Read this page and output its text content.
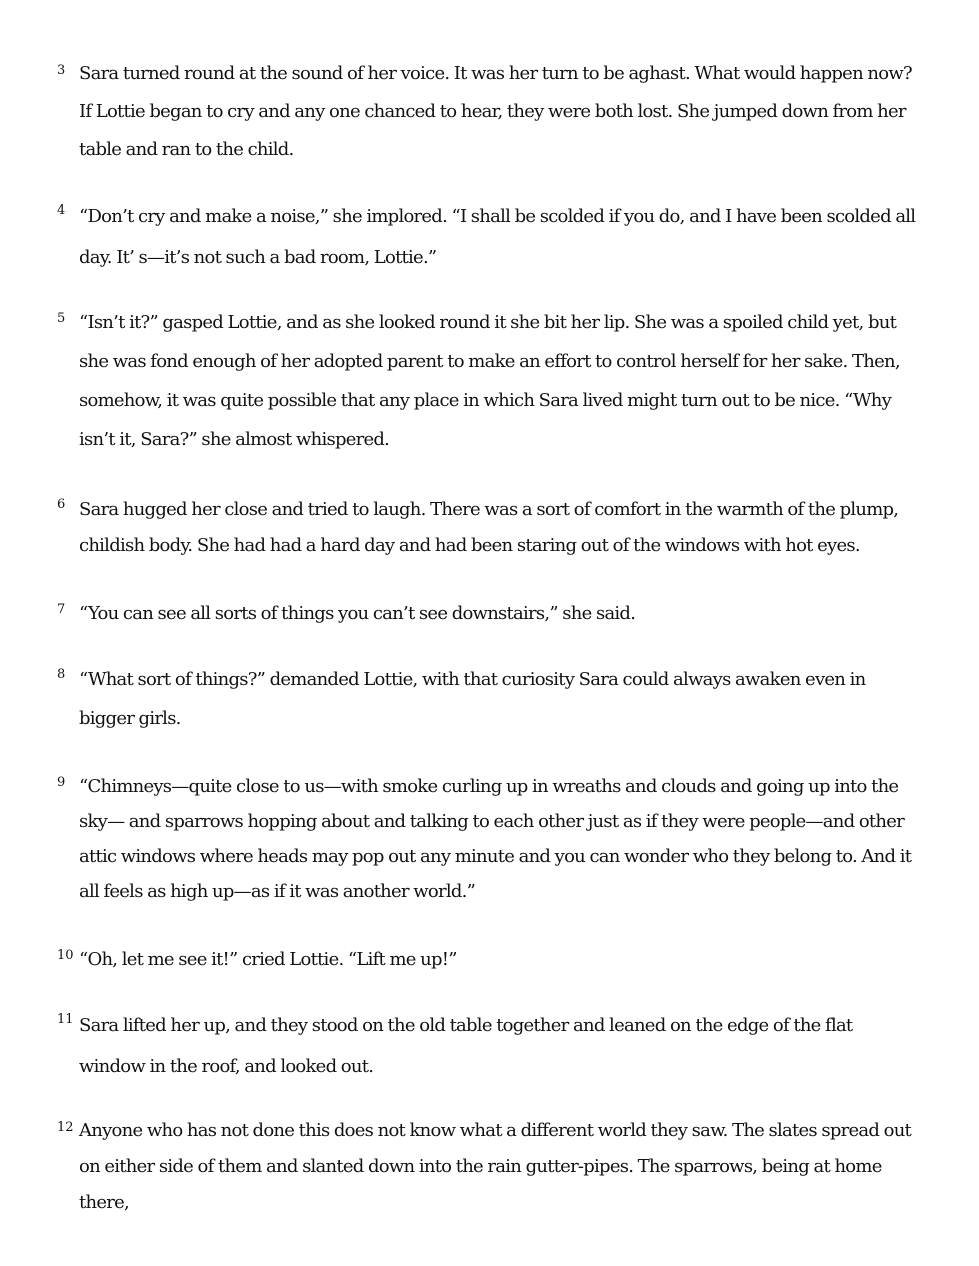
3 Sara turned round at the sound of her voice. It was her turn to be aghast. What would happen now? If Lottie began to cry and any one chanced to hear, they were both lost. She jumped down from her table and ran to the child.
4 “Don’t cry and make a noise,” she implored. “I shall be scolded if you do, and I have been scolded all day. It’ s—it’s not such a bad room, Lottie.”
5 “Isn’t it?” gasped Lottie, and as she looked round it she bit her lip. She was a spoiled child yet, but she was fond enough of her adopted parent to make an effort to control herself for her sake. Then, somehow, it was quite possible that any place in which Sara lived might turn out to be nice. “Why isn’t it, Sara?” she almost whispered.
6 Sara hugged her close and tried to laugh. There was a sort of comfort in the warmth of the plump, childish body. She had had a hard day and had been staring out of the windows with hot eyes.
7 “You can see all sorts of things you can’t see downstairs,” she said.
8 “What sort of things?” demanded Lottie, with that curiosity Sara could always awaken even in bigger girls.
9 “Chimneys—quite close to us—with smoke curling up in wreaths and clouds and going up into the sky— and sparrows hopping about and talking to each other just as if they were people—and other attic windows where heads may pop out any minute and you can wonder who they belong to. And it all feels as high up—as if it was another world.”
10 “Oh, let me see it!” cried Lottie. “Lift me up!”
11 Sara lifted her up, and they stood on the old table together and leaned on the edge of the flat window in the roof, and looked out.
12 Anyone who has not done this does not know what a different world they saw. The slates spread out on either side of them and slanted down into the rain gutter-pipes. The sparrows, being at home there,
